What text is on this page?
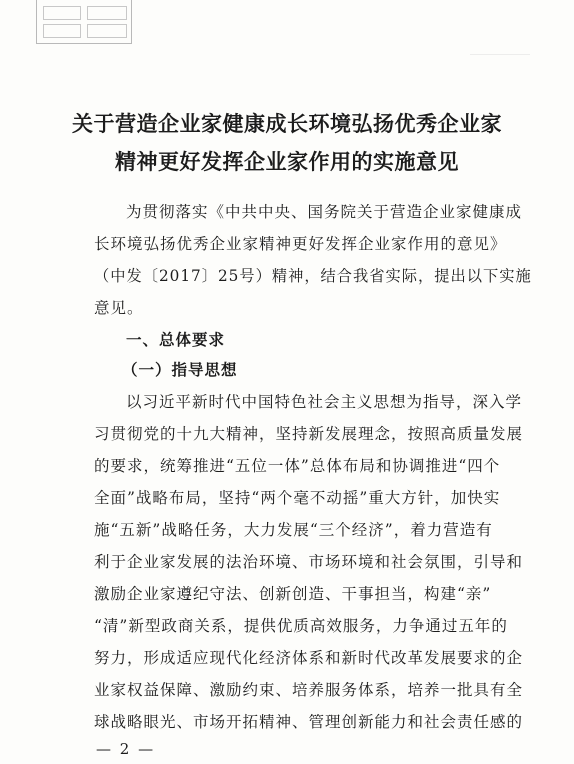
关于营造企业家健康成长环境弘扬优秀企业家
精神更好发挥企业家作用的实施意见
为贯彻落实《中共中央、国务院关于营造企业家健康成
长环境弘扬优秀企业家精神更好发挥企业家作用的意见》
（中发〔2017〕25号）精神，结合我省实际，提出以下实施
意见。
一、总体要求
（一）指导思想
以习近平新时代中国特色社会主义思想为指导，深入学
习贯彻党的十九大精神，坚持新发展理念，按照高质量发展
的要求，统筹推进“五位一体”总体布局和协调推进“四个
全面”战略布局，坚持“两个毫不动摇”重大方针，加快实
施“五新”战略任务，大力发展“三个经济”，着力营造有
利于企业家发展的法治环境、市场环境和社会氛围，引导和
激励企业家遵纪守法、创新创造、干事担当，构建“亲”
“清”新型政商关系，提供优质高效服务，力争通过五年的
努力，形成适应现代化经济体系和新时代改革发展要求的企
业家权益保障、激励约束、培养服务体系，培养一批具有全
球战略眼光、市场开拓精神、管理创新能力和社会责任感的
— 2 —
